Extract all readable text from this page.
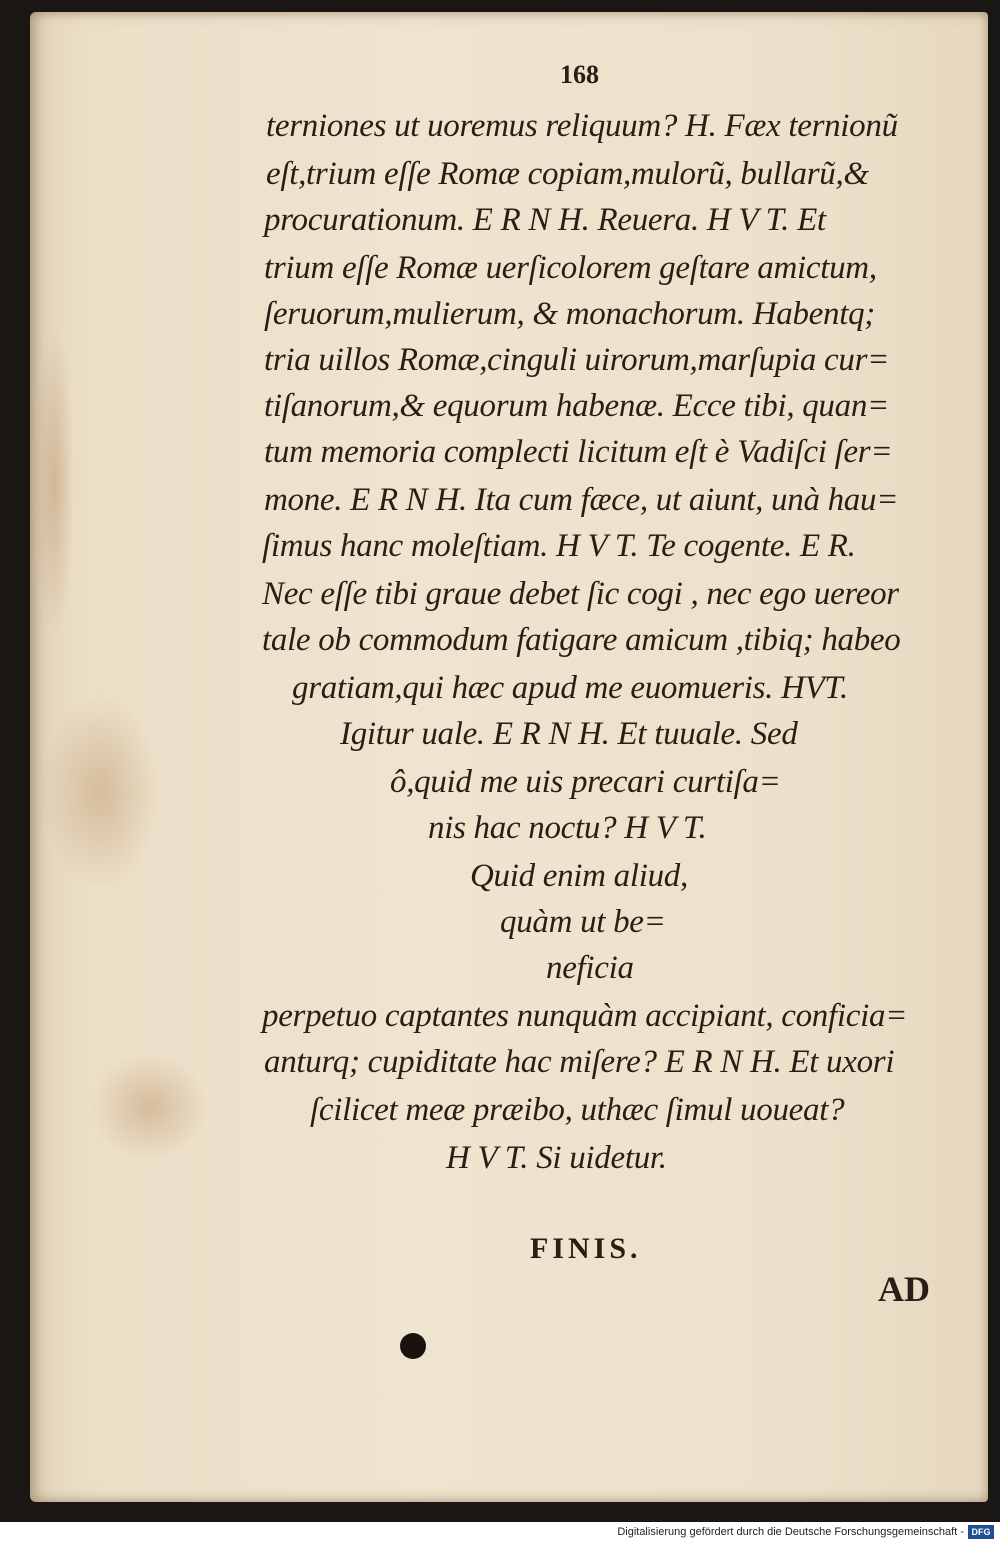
168
terniones ut uoremus reliquum? H. Fæx ternionũ
eſt,trium eſſe Romæ copiam,mulorũ, bullarũ,&
procurationum. E R N H. Reuera. H V T. Et
trium eſſe Romæ uerſicolorem geſtare amictum,
ſeruorum,mulierum, & monachorum. Habentq;
tria uillos Romæ,cinguli uirorum,marſupia cur=
tiſanorum,& equorum habenæ. Ecce tibi, quan=
tum memoria complecti licitum eſt è Vadiſci ſer=
mone. E R N H. Ita cum fæce, ut aiunt, unà hau=
ſimus hanc moleſtiam. H V T. Te cogente. E R.
Nec eſſe tibi graue debet ſic cogi , nec ego uereor
tale ob commodum fatigare amicum ,tibiq; habeo
gratiam,qui hæc apud me euomueris. HVT.
Igitur uale. E R N H. Et tuuale. Sed
ô,quid me uis precari curtiſa=
nis hac noctu? H V T.
Quid enim aliud,
quàm ut be=
neficia
perpetuo captantes nunquàm accipiant, conficia=
anturq; cupiditate hac miſere? E R N H. Et uxori
ſcilicet meæ præibo, uthæc ſimul uoueat?
H V T. Si uidetur.
FINIS.
AD
Digitalisierung gefördert durch die Deutsche Forschungsgemeinschaft - DFG
